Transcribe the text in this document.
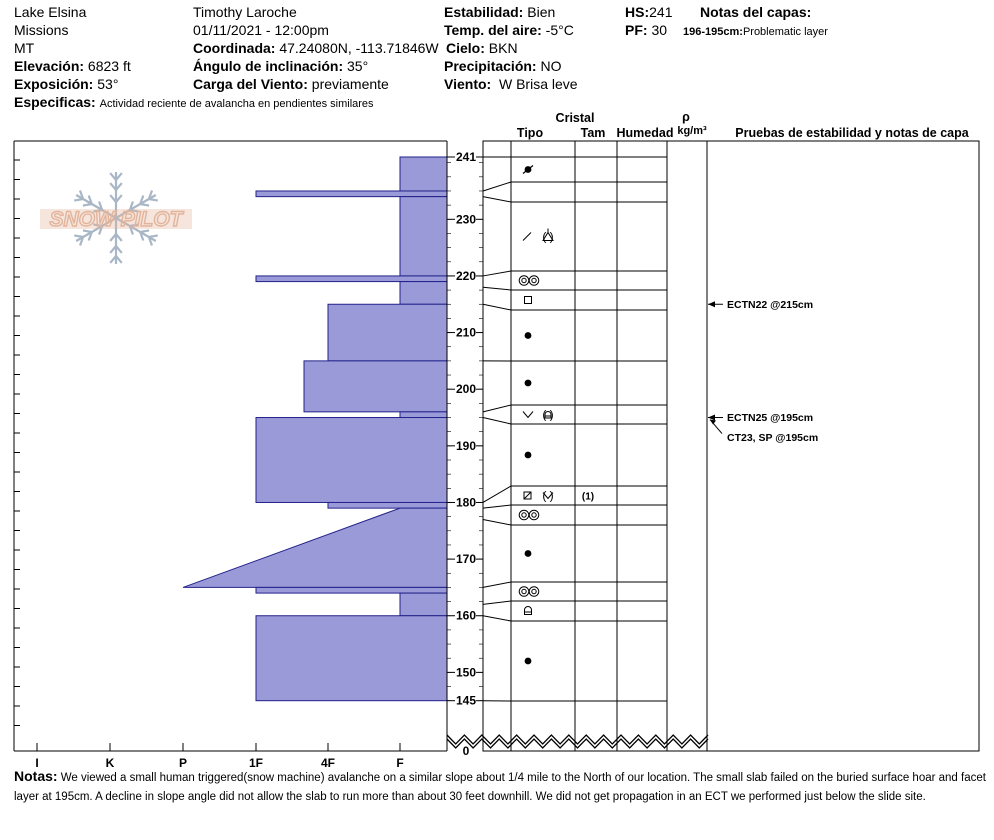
Lake Elsina
Missions
MT
Elevación: 6823 ft
Exposición: 53°
Especificas: Actividad reciente de avalancha en pendientes similares
Timothy Laroche
01/11/2021 - 12:00pm
Coordinada: 47.24080N, -113.71846W
Ángulo de inclinación: 35°
Carga del Viento: previamente
Estabilidad: Bien
Temp. del aire: -5°C
Cielo: BKN
Precipitación: NO
Viento: W Brisa leve
HS:241
PF: 30
Notas del capas:
196-195cm:Problematic layer
SNOW PILOT
241
230
220
210
200
190
180
170
160
150
145
0
I	K	P	1F	4F	F
( )
( )
( )	(1)
ECTN22 @215cm
ECTN25 @195cm
CT23, SP @195cm
Cristal
Tipo	Tam Humedad
ρ
kg/m³ Pruebas de estabilidad y notas de capa
Notas: We viewed a small human triggered(snow machine) avalanche on a similar slope about 1/4 mile to the North of our location. The small slab failed on the buried surface hoar and facet layer at 195cm. A decline in slope angle did not allow the slab to run more than about 30 feet downhill. We did not get propagation in an ECT we performed just below the slide site.
